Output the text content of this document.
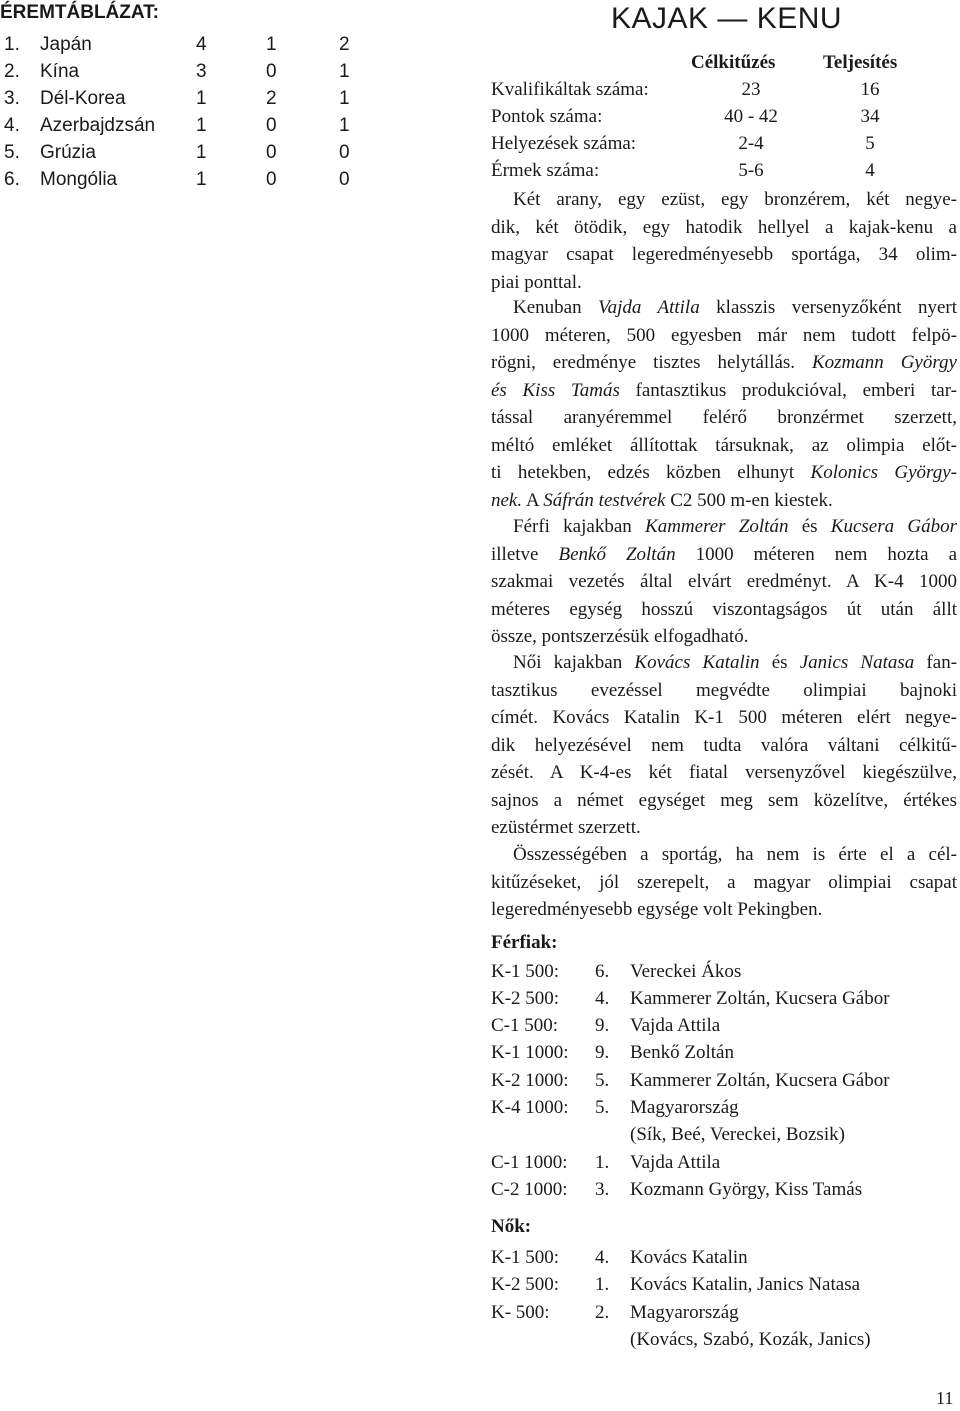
ÉREMTÁBLÁZAT:
1. Japán	4	1	2
2. Kína	3	0	1
3. Dél-Korea	1	2	1
4. Azerbajdzsán 1	0	1
5. Grúzia	1	0	0
6. Mongólia	1	0	0
KAJAK — KENU
Célkitűzés	Teljesítés
Kvalifikáltak száma:	23	16
Pontok száma:	40 - 42	34
Helyezések száma:	2-4	5
Érmek száma:	5-6	4
Két arany, egy ezüst, egy bronzérem, két negye-
dik, két ötödik, egy hatodik hellyel a kajak-kenu a
magyar csapat legeredményesebb sportága, 34 olim-
piai ponttal.
Kenuban Vajda Attila klasszis versenyzőként nyert
1000 méteren, 500 egyesben már nem tudott felpö-
rögni, eredménye tisztes helytállás. Kozmann György
és Kiss Tamás fantasztikus produkcióval, emberi tar-
tással aranyéremmel felérő bronzérmet szerzett,
méltó emléket állítottak társuknak, az olimpia előt-
ti hetekben, edzés közben elhunyt Kolonics György-
nek. A Sáfrán testvérek C2 500 m-en kiestek.
Férfi kajakban Kammerer Zoltán és Kucsera Gábor
illetve Benkő Zoltán 1000 méteren nem hozta a
szakmai vezetés által elvárt eredményt. A K-4 1000
méteres egység hosszú viszontagságos út után állt
össze, pontszerzésük elfogadható.
Női kajakban Kovács Katalin és Janics Natasa fan-
tasztikus evezéssel megvédte olimpiai bajnoki
címét. Kovács Katalin K-1 500 méteren elért negye-
dik helyezésével nem tudta valóra váltani célkitű-
zését. A K-4-es két fiatal versenyzővel kiegészülve,
sajnos a német egységet meg sem közelítve, értékes
ezüstérmet szerzett.
Összességében a sportág, ha nem is érte el a cél-
kitűzéseket, jól szerepelt, a magyar olimpiai csapat
legeredményesebb egysége volt Pekingben.
Férfiak:
K-1 500: 6. Vereckei Ákos
K-2 500: 4. Kammerer Zoltán, Kucsera Gábor
C-1 500: 9. Vajda Attila
K-1 1000: 9. Benkő Zoltán
K-2 1000: 5. Kammerer Zoltán, Kucsera Gábor
K-4 1000: 5. Magyarország
(Sík, Beé, Vereckei, Bozsik)
C-1 1000: 1. Vajda Attila
C-2 1000: 3. Kozmann György, Kiss Tamás
Nők:
K-1 500: 4. Kovács Katalin
K-2 500: 1. Kovács Katalin, Janics Natasa
K- 500: 2. Magyarország
(Kovács, Szabó, Kozák, Janics)
11
